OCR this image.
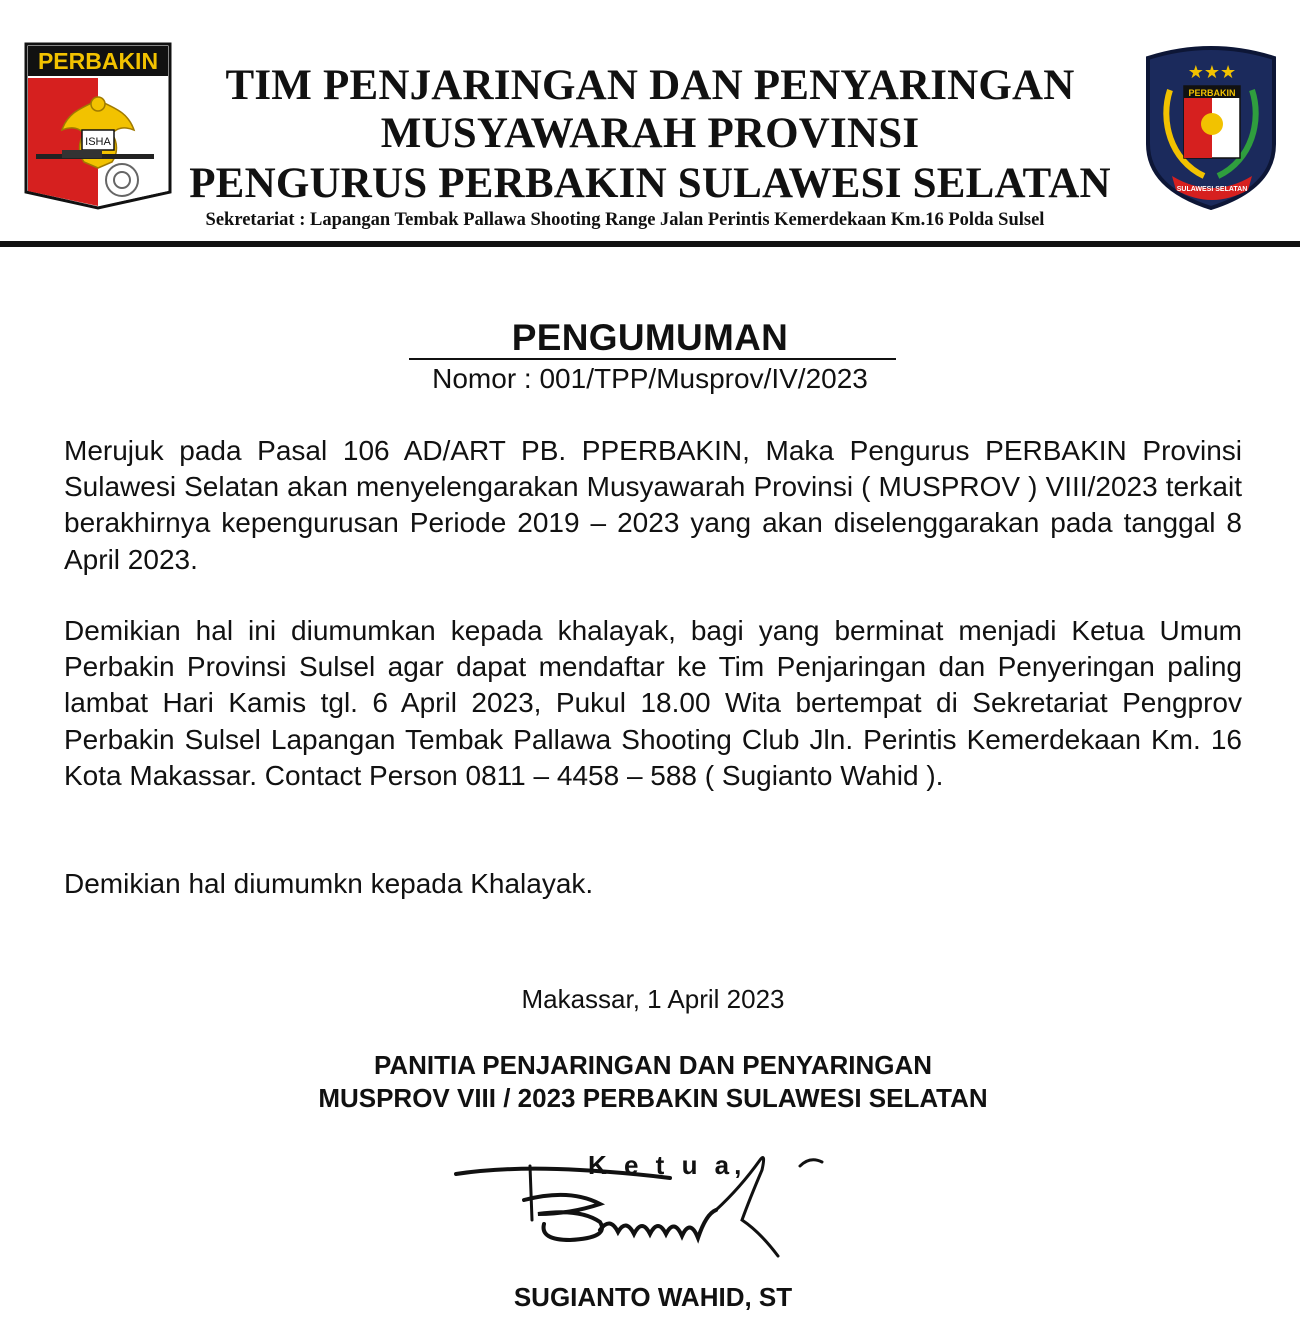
PERBAKIN
ISHA
★★★
PERBAKIN
SULAWESI SELATAN
TIM PENJARINGAN DAN PENYARINGAN
MUSYAWARAH PROVINSI
PENGURUS PERBAKIN SULAWESI SELATAN
Sekretariat : Lapangan Tembak Pallawa Shooting Range Jalan Perintis Kemerdekaan Km.16 Polda Sulsel
PENGUMUMAN
Nomor : 001/TPP/Musprov/IV/2023

Merujuk pada Pasal 106 AD/ART PB. PPERBAKIN, Maka Pengurus PERBAKIN Provinsi Sulawesi Selatan akan menyelengarakan Musyawarah Provinsi ( MUSPROV ) VIII/2023 terkait berakhirnya kepengurusan Periode 2019 – 2023 yang akan diselenggarakan pada tanggal 8 April 2023.

Demikian hal ini diumumkan kepada khalayak, bagi yang berminat menjadi Ketua Umum Perbakin Provinsi Sulsel agar dapat mendaftar ke Tim Penjaringan dan Penyeringan paling lambat Hari Kamis tgl. 6 April 2023, Pukul 18.00 Wita bertempat di Sekretariat Pengprov Perbakin Sulsel Lapangan Tembak Pallawa Shooting Club Jln. Perintis Kemerdekaan Km. 16 Kota Makassar. Contact Person 0811 – 4458 – 588 ( Sugianto Wahid ).

Demikian hal diumumkn kepada Khalayak.

Makassar, 1 April 2023
PANITIA PENJARINGAN DAN PENYARINGAN
MUSPROV VIII / 2023 PERBAKIN SULAWESI SELATAN
K e t u a,
SUGIANTO WAHID, ST
